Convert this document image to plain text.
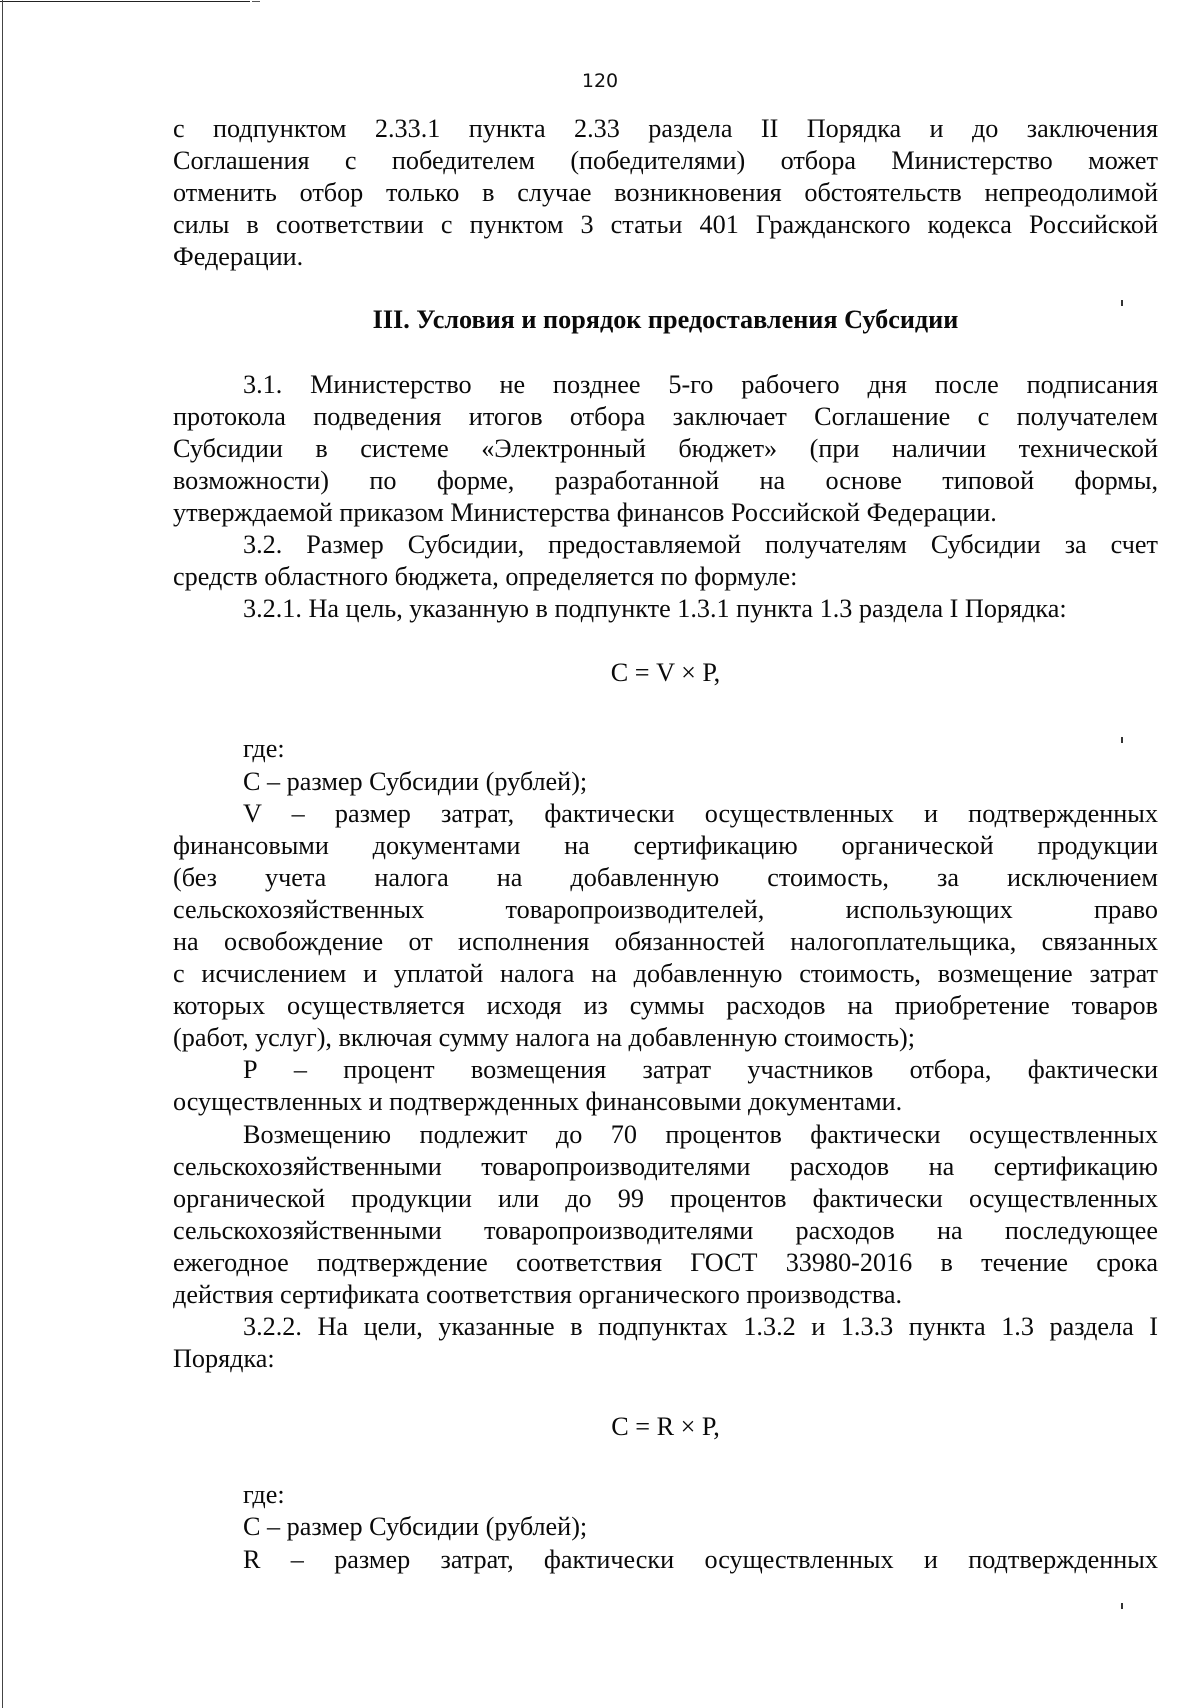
120

с подпунктом 2.33.1 пункта 2.33 раздела II Порядка и до заключения

Соглашения с победителем (победителями) отбора Министерство может

отменить отбор только в случае возникновения обстоятельств непреодолимой

силы в соответствии с пунктом 3 статьи 401 Гражданского кодекса Российской

Федерации.

III. Условия и порядок предоставления Субсидии

3.1. Министерство не позднее 5-го рабочего дня после подписания

протокола подведения итогов отбора заключает Соглашение с получателем

Субсидии в системе «Электронный бюджет» (при наличии технической

возможности) по форме, разработанной на основе типовой формы,

утверждаемой приказом Министерства финансов Российской Федерации.

3.2. Размер Субсидии, предоставляемой получателям Субсидии за счет

средств областного бюджета, определяется по формуле:

3.2.1. На цель, указанную в подпункте 1.3.1 пункта 1.3 раздела I Порядка:

С = V × Р,

где:

С – размер Субсидии (рублей);

V – размер затрат, фактически осуществленных и подтвержденных

финансовыми документами на сертификацию органической продукции

(без учета налога на добавленную стоимость, за исключением

сельскохозяйственных товаропроизводителей, использующих право

на освобождение от исполнения обязанностей налогоплательщика, связанных

с исчислением и уплатой налога на добавленную стоимость, возмещение затрат

которых осуществляется исходя из суммы расходов на приобретение товаров

(работ, услуг), включая сумму налога на добавленную стоимость);

Р – процент возмещения затрат участников отбора, фактически

осуществленных и подтвержденных финансовыми документами.

Возмещению подлежит до 70 процентов фактически осуществленных

сельскохозяйственными товаропроизводителями расходов на сертификацию

органической продукции или до 99 процентов фактически осуществленных

сельскохозяйственными товаропроизводителями расходов на последующее

ежегодное подтверждение соответствия ГОСТ 33980-2016 в течение срока

действия сертификата соответствия органического производства.

3.2.2. На цели, указанные в подпунктах 1.3.2 и 1.3.3 пункта 1.3 раздела I

Порядка:

С = R × Р,

где:

С – размер Субсидии (рублей);

R – размер затрат, фактически осуществленных и подтвержденных
